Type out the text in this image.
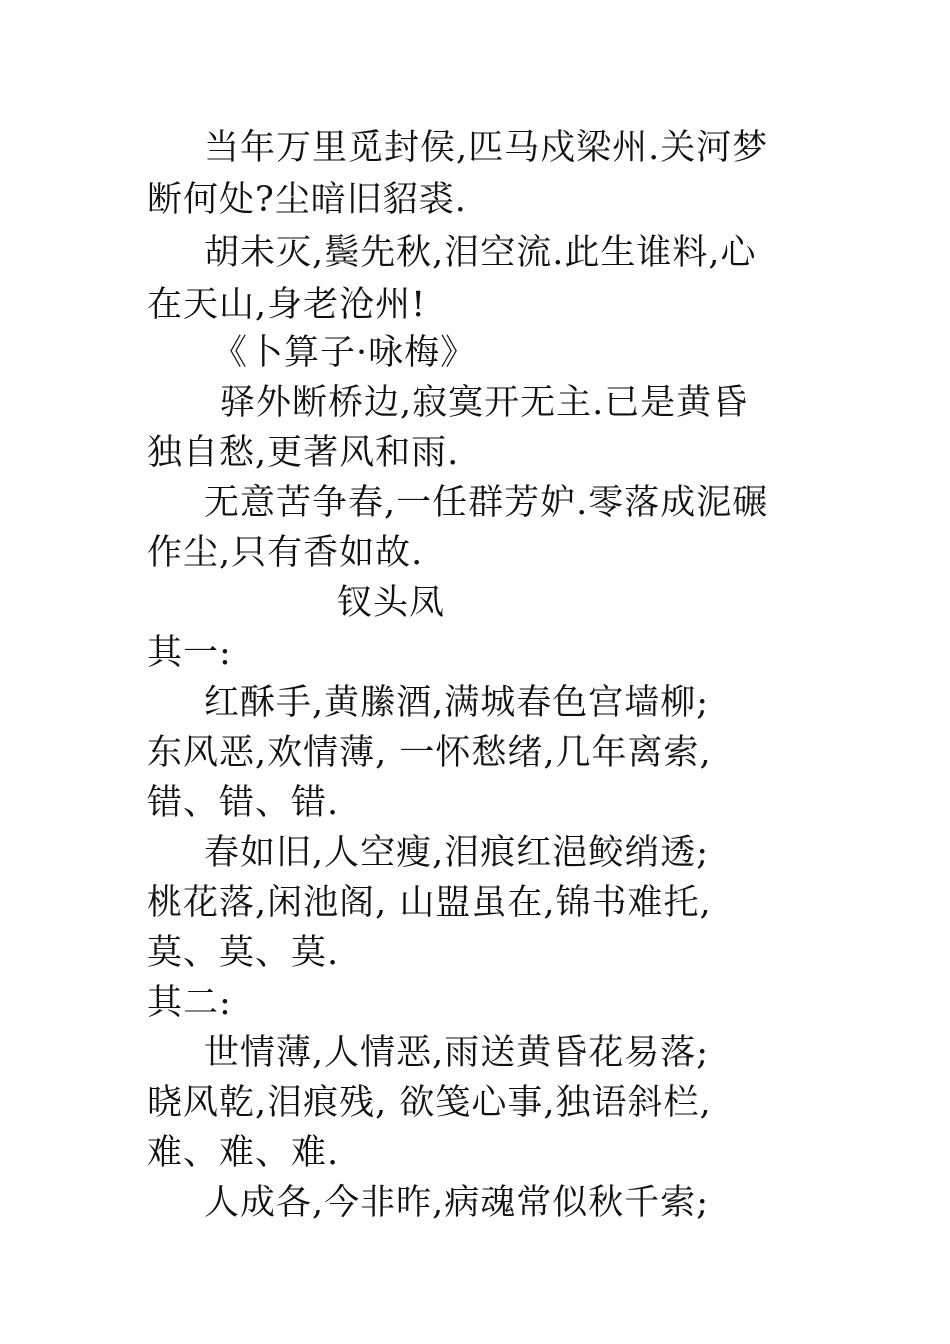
当年万里觅封侯,匹马戍梁州.关河梦
断何处?尘暗旧貂裘.
胡未灭,鬓先秋,泪空流.此生谁料,心
在天山,身老沧州!
《卜算子·咏梅》
驿外断桥边,寂寞开无主.已是黄昏
独自愁,更著风和雨.
无意苦争春,一任群芳妒.零落成泥碾
作尘,只有香如故.
钗头凤
其一:
红酥手,黄縢酒,满城春色宫墙柳;
东风恶,欢情薄, 一怀愁绪,几年离索,
错、错、错.
春如旧,人空瘦,泪痕红浥鲛绡透;
桃花落,闲池阁, 山盟虽在,锦书难托,
莫、莫、莫.
其二:
世情薄,人情恶,雨送黄昏花易落;
晓风乾,泪痕残, 欲笺心事,独语斜栏,
难、难、难.
人成各,今非昨,病魂常似秋千索;
